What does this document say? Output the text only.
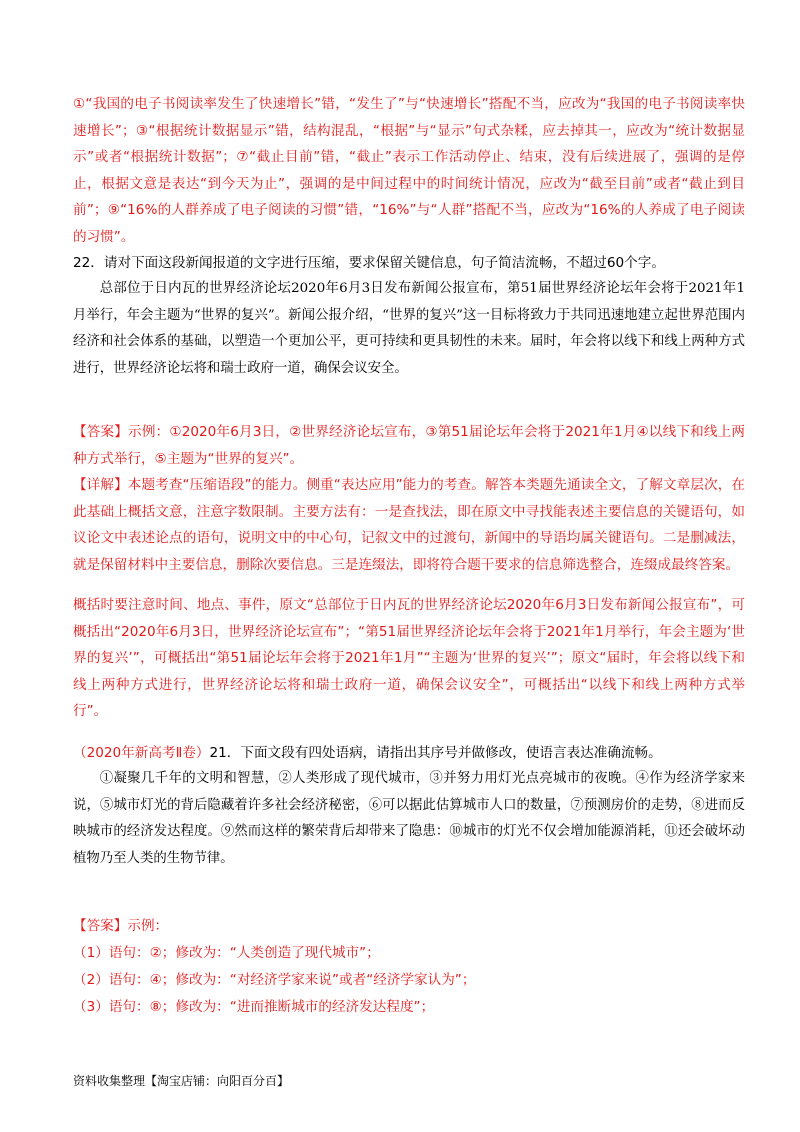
①“我国的电子书阅读率发生了快速增长”错，“发生了”与“快速增长”搭配不当，应改为“我国的电子书阅读率快速增长”；③“根据统计数据显示”错，结构混乱，“根据”与“显示”句式杂糅，应去掉其一，应改为“统计数据显示”或者“根据统计数据”；⑦“截止目前”错，“截止”表示工作活动停止、结束，没有后续进展了，强调的是停止，根据文意是表达“到今天为止”，强调的是中间过程中的时间统计情况，应改为“截至目前”或者“截止到目前”；⑨“16%的人群养成了电子阅读的习惯”错，“16%”与“人群”搭配不当，应改为“16%的人养成了电子阅读的习惯”。

22．请对下面这段新闻报道的文字进行压缩，要求保留关键信息，句子简洁流畅，不超过60个字。

总部位于日内瓦的世界经济论坛2020年6月3日发布新闻公报宣布，第51届世界经济论坛年会将于2021年1月举行，年会主题为“世界的复兴”。新闻公报介绍，“世界的复兴”这一目标将致力于共同迅速地建立起世界范围内经济和社会体系的基础，以塑造一个更加公平，更可持续和更具韧性的未来。届时，年会将以线下和线上两种方式进行，世界经济论坛将和瑞士政府一道，确保会议安全。

【答案】示例：①2020年6月3日，②世界经济论坛宣布，③第51届论坛年会将于2021年1月④以线下和线上两种方式举行，⑤主题为“世界的复兴”。

【详解】本题考查“压缩语段”的能力。侧重“表达应用”能力的考查。解答本类题先通读全文，了解文章层次，在此基础上概括文意，注意字数限制。主要方法有：一是查找法，即在原文中寻找能表述主要信息的关键语句，如议论文中表述论点的语句，说明文中的中心句，记叙文中的过渡句，新闻中的导语均属关键语句。二是删减法，就是保留材料中主要信息，删除次要信息。三是连缀法，即将符合题干要求的信息筛选整合，连缀成最终答案。

概括时要注意时间、地点、事件，原文“总部位于日内瓦的世界经济论坛2020年6月3日发布新闻公报宣布”，可概括出“2020年6月3日，世界经济论坛宣布”；“第51届世界经济论坛年会将于2021年1月举行，年会主题为‘世界的复兴’”，可概括出“第51届论坛年会将于2021年1月”“主题为‘世界的复兴’”；原文“届时，年会将以线下和线上两种方式进行，世界经济论坛将和瑞士政府一道，确保会议安全”，可概括出“以线下和线上两种方式举行”。

（2020年新高考Ⅱ卷）21．下面文段有四处语病，请指出其序号并做修改，使语言表达准确流畅。

①凝聚几千年的文明和智慧，②人类形成了现代城市，③并努力用灯光点亮城市的夜晚。④作为经济学家来说，⑤城市灯光的背后隐藏着许多社会经济秘密，⑥可以据此估算城市人口的数量，⑦预测房价的走势，⑧进而反映城市的经济发达程度。⑨然而这样的繁荣背后却带来了隐患：⑩城市的灯光不仅会增加能源消耗，⑪还会破坏动植物乃至人类的生物节律。

【答案】示例：

（1）语句：②；修改为：“人类创造了现代城市”；

（2）语句：④；修改为：“对经济学家来说”或者“经济学家认为”；

（3）语句：⑧；修改为：“进而推断城市的经济发达程度”；

资料收集整理【淘宝店铺：向阳百分百】
